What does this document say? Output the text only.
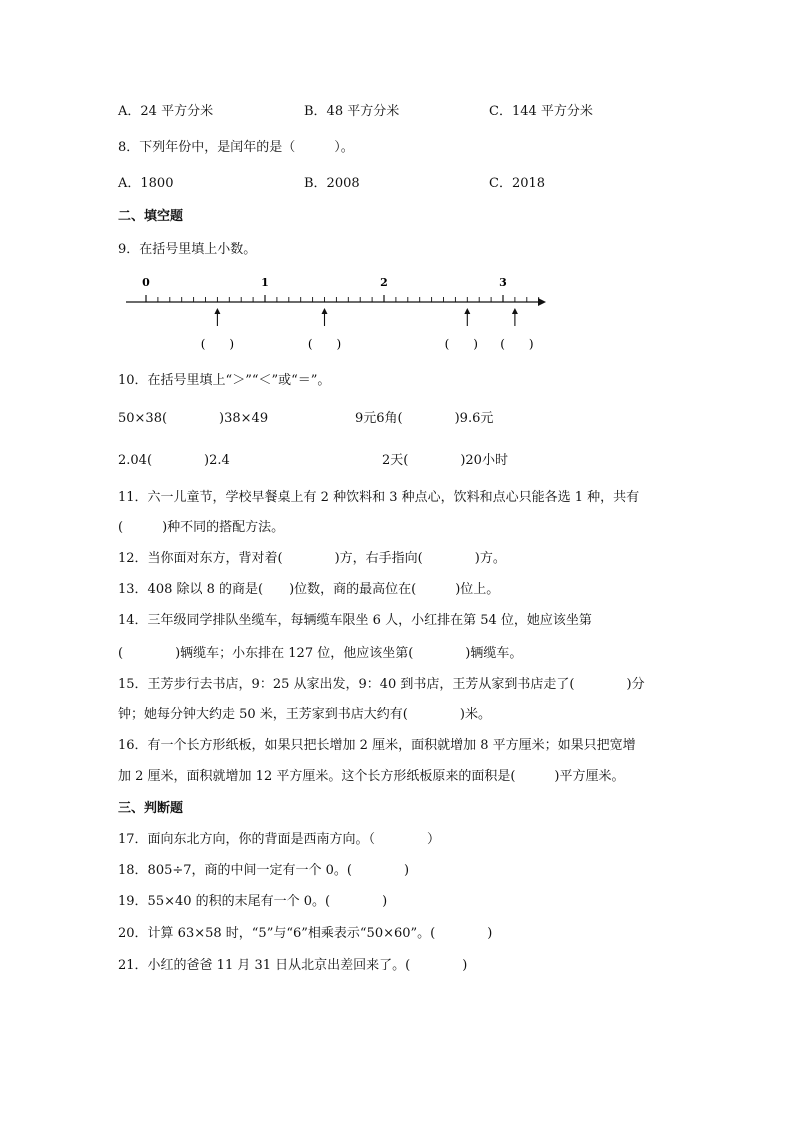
A．24 平方分米	B．48 平方分米	C．144 平方分米
8．下列年份中，是闰年的是（　　　）。
A．1800	B．2008	C．2018
二、填空题
9．在括号里填上小数。
0	1	2	3
(　　)	(　　)	(　　) (　　)
10．在括号里填上“＞”“＜”或“＝”。
50×38(　　　　)38×49	9元6角(　　　　)9.6元
2.04(　　　　)2.4	2天(　　　　)20小时
11．六一儿童节，学校早餐桌上有 2 种饮料和 3 种点心，饮料和点心只能各选 1 种，共有
(　　　)种不同的搭配方法。
12．当你面对东方，背对着(　　　　)方，右手指向(　　　　)方。
13．408 除以 8 的商是(　　)位数，商的最高位在(　　　)位上。
14．三年级同学排队坐缆车，每辆缆车限坐 6 人，小红排在第 54 位，她应该坐第
(　　　　)辆缆车；小东排在 127 位，他应该坐第(　　　　)辆缆车。
15．王芳步行去书店，9：25 从家出发，9：40 到书店，王芳从家到书店走了(　　　　)分
钟；她每分钟大约走 50 米，王芳家到书店大约有(　　　　)米。
16．有一个长方形纸板，如果只把长增加 2 厘米，面积就增加 8 平方厘米；如果只把宽增
加 2 厘米，面积就增加 12 平方厘米。这个长方形纸板原来的面积是(　　　)平方厘米。
三、判断题
17．面向东北方向，你的背面是西南方向。（　　　　）
18．805÷7，商的中间一定有一个 0。(　　　　)
19．55×40 的积的末尾有一个 0。(　　　　)
20．计算 63×58 时，“5”与“6”相乘表示“50×60”。(　　　　)
21．小红的爸爸 11 月 31 日从北京出差回来了。(　　　　)
